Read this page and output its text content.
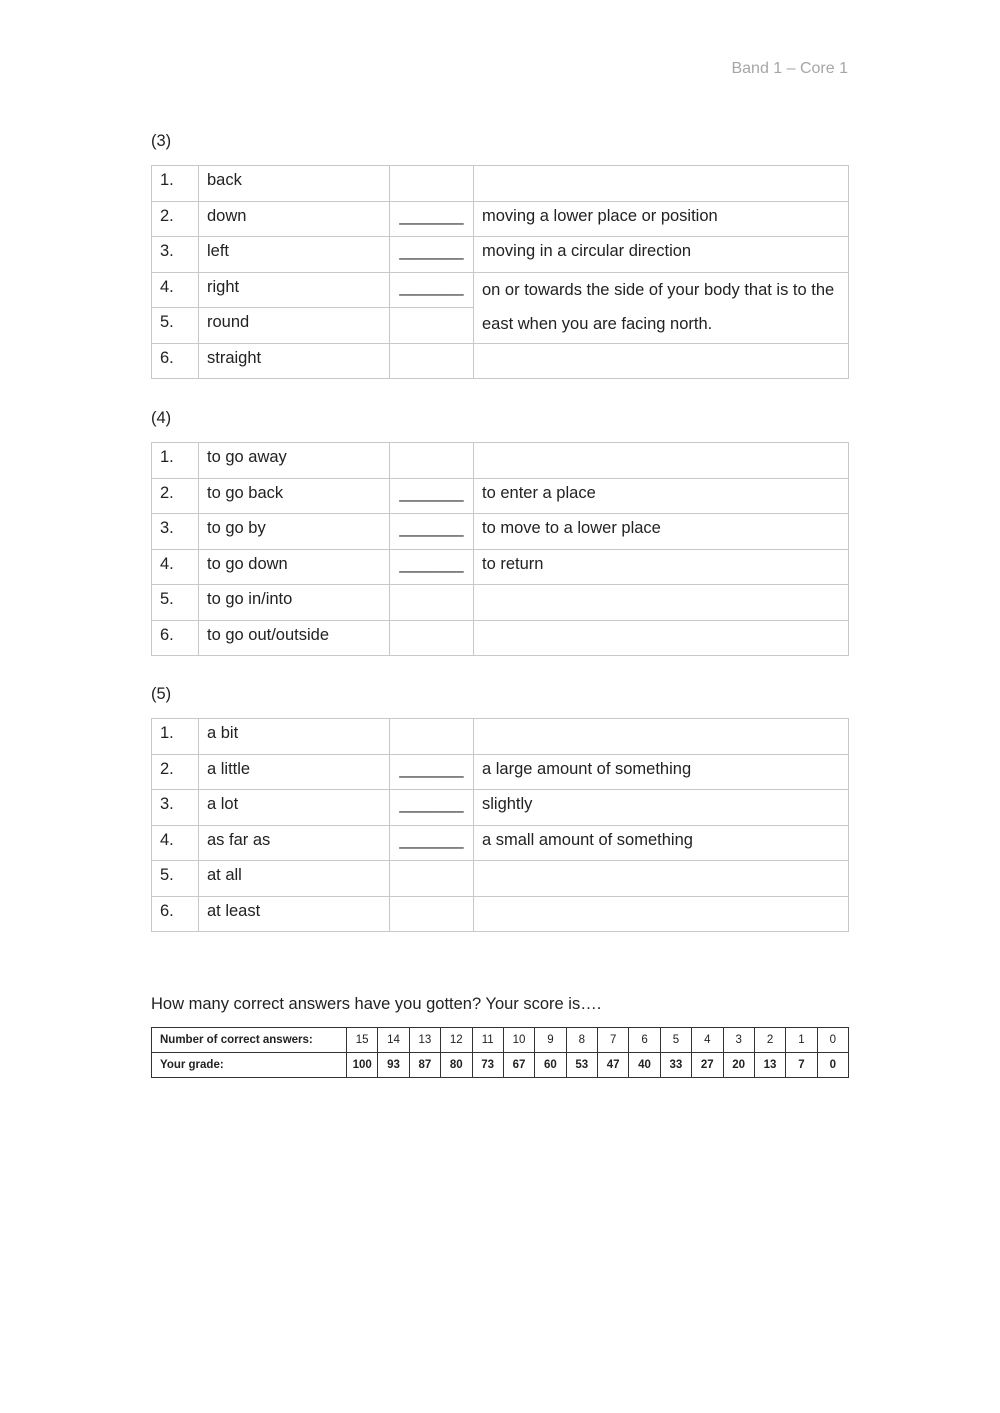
Band 1 – Core 1
(3)
1.	back		
2.	down	_______	moving a lower place or position
3.	left	_______	moving in a circular direction
4.	right	_______	on or towards the side of your body that is to the east when you are facing north.
5.	round		
6.	straight		
(4)
1.	to go away		
2.	to go back	_______	to enter a place
3.	to go by	_______	to move to a lower place
4.	to go down	_______	to return
5.	to go in/into		
6.	to go out/outside		
(5)
1.	a bit		
2.	a little	_______	a large amount of something
3.	a lot	_______	slightly
4.	as far as	_______	a small amount of something
5.	at all		
6.	at least		
How many correct answers have you gotten? Your score is….
Number of correct answers:	15	14	13	12	11	10	9	8	7	6	5	4	3	2	1	0
Your grade:	100	93	87	80	73	67	60	53	47	40	33	27	20	13	7	0
